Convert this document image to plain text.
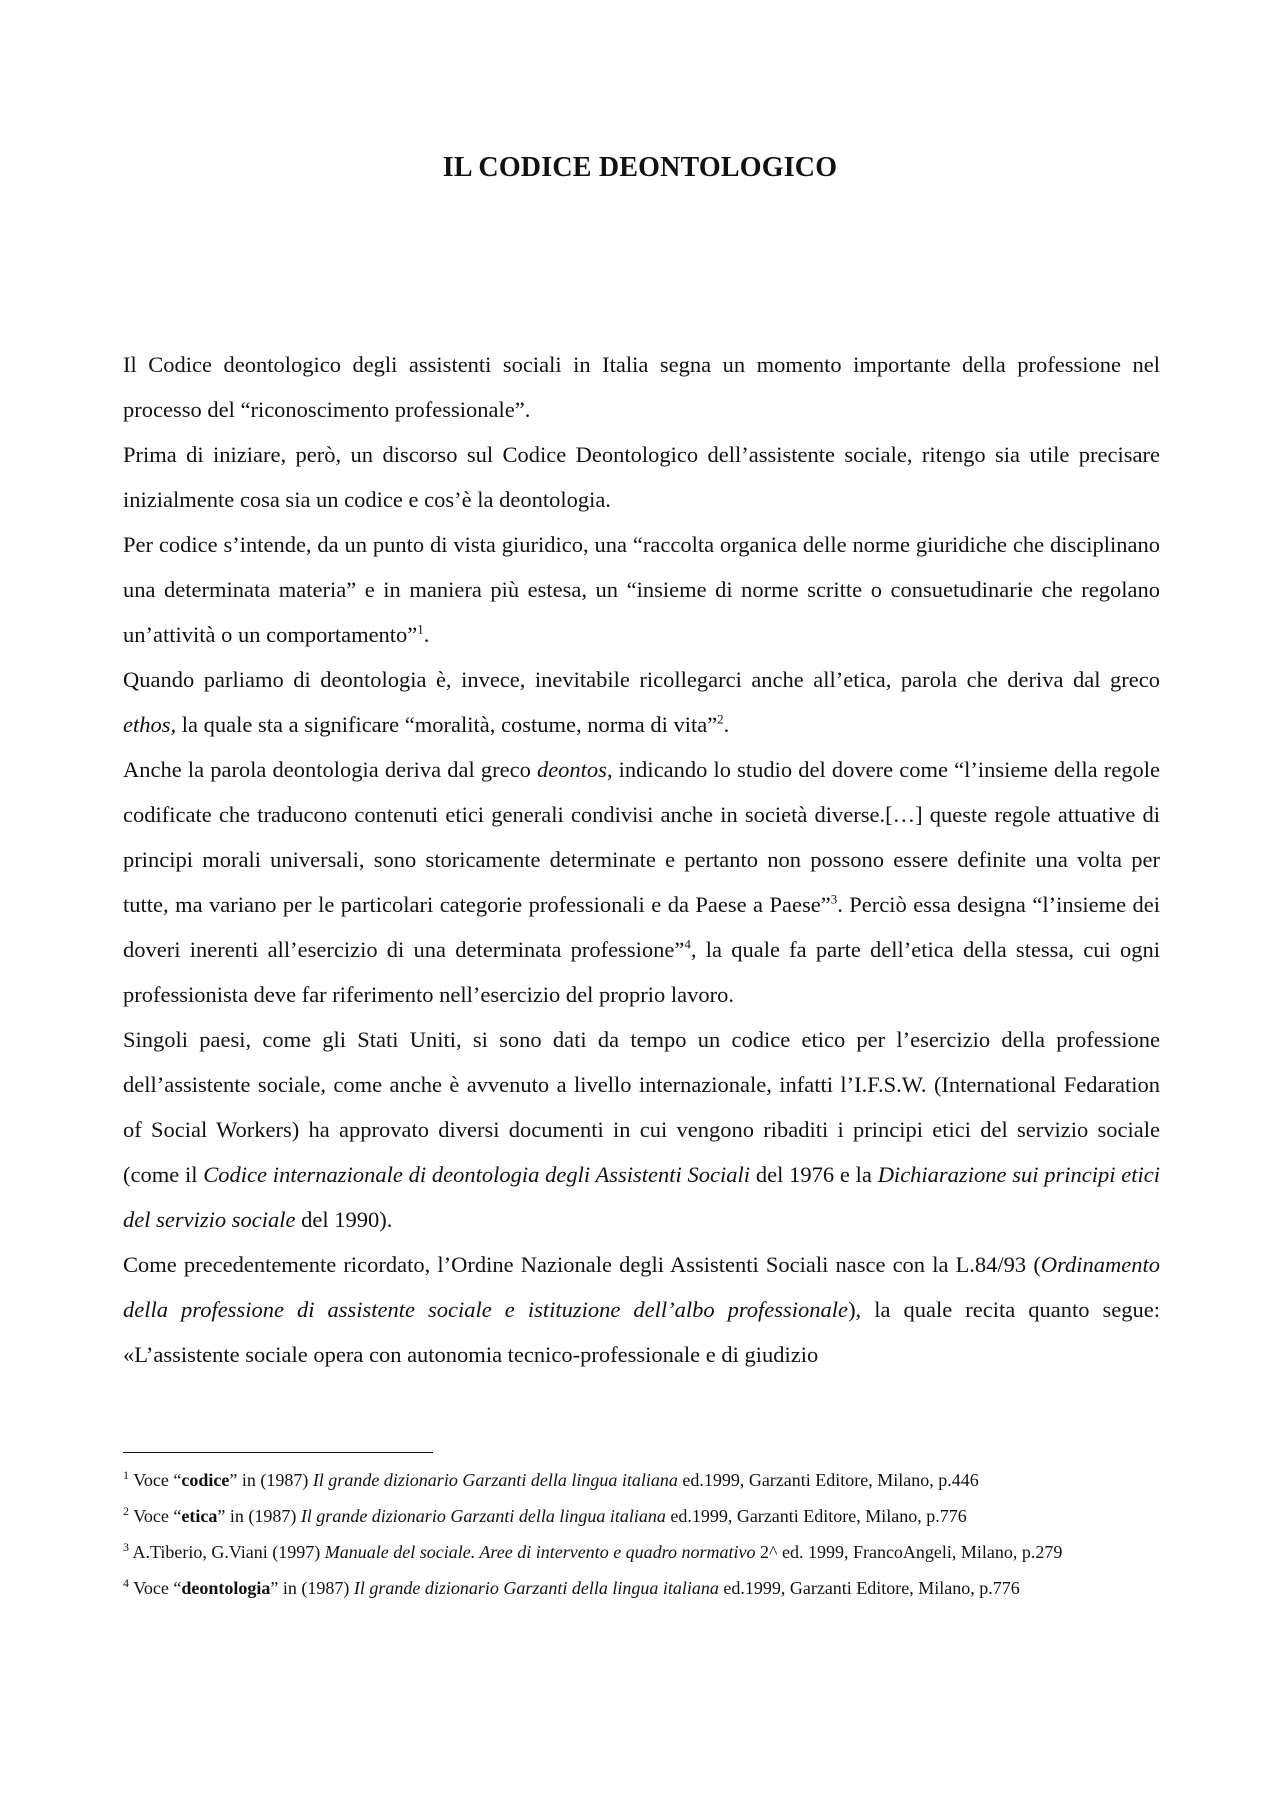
IL CODICE DEONTOLOGICO

Il Codice deontologico degli assistenti sociali in Italia segna un momento importante della professione nel processo del “riconoscimento professionale”.

Prima di iniziare, però, un discorso sul Codice Deontologico dell’assistente sociale, ritengo sia utile precisare inizialmente cosa sia un codice e cos’è la deontologia.

Per codice s’intende, da un punto di vista giuridico, una “raccolta organica delle norme giuridiche che disciplinano una determinata materia” e in maniera più estesa, un “insieme di norme scritte o consuetudinarie che regolano un’attività o un comportamento”$^1$.

Quando parliamo di deontologia è, invece, inevitabile ricollegarci anche all’etica, parola che deriva dal greco ethos, la quale sta a significare “moralità, costume, norma di vita”$^2$.

Anche la parola deontologia deriva dal greco deontos, indicando lo studio del dovere come “l’insieme della regole codificate che traducono contenuti etici generali condivisi anche in società diverse.[…] queste regole attuative di principi morali universali, sono storicamente determinate e pertanto non possono essere definite una volta per tutte, ma variano per le particolari categorie professionali e da Paese a Paese”$^3$. Perciò essa designa “l’insieme dei doveri inerenti all’esercizio di una determinata professione”$^4$, la quale fa parte dell’etica della stessa, cui ogni professionista deve far riferimento nell’esercizio del proprio lavoro.

Singoli paesi, come gli Stati Uniti, si sono dati da tempo un codice etico per l’esercizio della professione dell’assistente sociale, come anche è avvenuto a livello internazionale, infatti l’I.F.S.W. (International Fedaration of Social Workers) ha approvato diversi documenti in cui vengono ribaditi i principi etici del servizio sociale (come il Codice internazionale di deontologia degli Assistenti Sociali del 1976 e la Dichiarazione sui principi etici del servizio sociale del 1990).

Come precedentemente ricordato, l’Ordine Nazionale degli Assistenti Sociali nasce con la L.84/93 (Ordinamento della professione di assistente sociale e istituzione dell’albo professionale), la quale recita quanto segue: «L’assistente sociale opera con autonomia tecnico-professionale e di giudizio

$^1$ Voce “codice” in (1987) Il grande dizionario Garzanti della lingua italiana ed.1999, Garzanti Editore, Milano, p.446

$^2$ Voce “etica” in (1987) Il grande dizionario Garzanti della lingua italiana ed.1999, Garzanti Editore, Milano, p.776

$^3$ A.Tiberio, G.Viani (1997) Manuale del sociale. Aree di intervento e quadro normativo 2^ ed. 1999, FrancoAngeli, Milano, p.279

$^4$ Voce “deontologia” in (1987) Il grande dizionario Garzanti della lingua italiana ed.1999, Garzanti Editore, Milano, p.776
